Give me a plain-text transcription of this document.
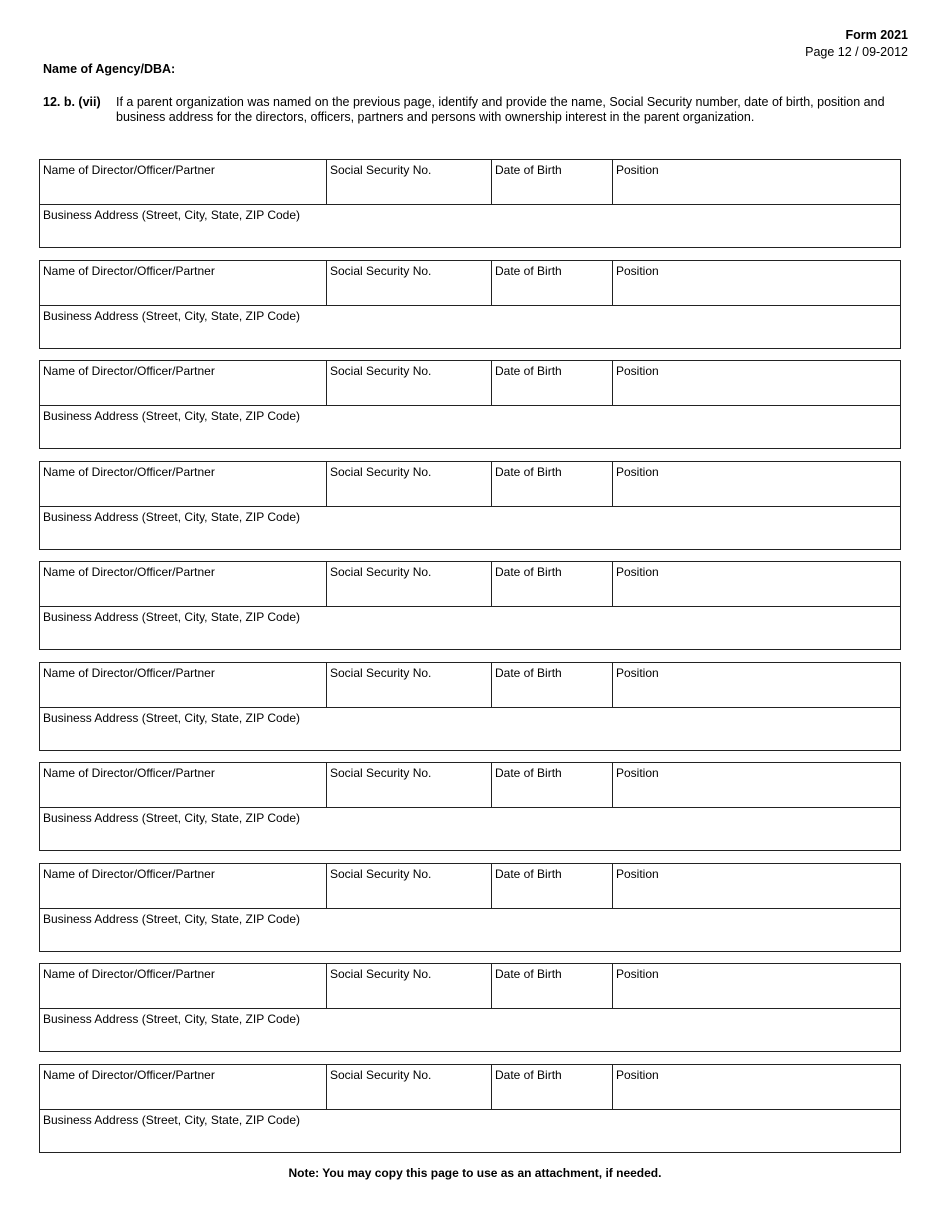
Form 2021
Page 12 / 09-2012
Name of Agency/DBA:
12. b. (vii) If a parent organization was named on the previous page, identify and provide the name, Social Security number, date of birth, position and business address for the directors, officers, partners and persons with ownership interest in the parent organization.
Name of Director/Officer/Partner	Social Security No.	Date of Birth	Position
Business Address (Street, City, State, ZIP Code)
Name of Director/Officer/Partner	Social Security No.	Date of Birth	Position
Business Address (Street, City, State, ZIP Code)
Name of Director/Officer/Partner	Social Security No.	Date of Birth	Position
Business Address (Street, City, State, ZIP Code)
Name of Director/Officer/Partner	Social Security No.	Date of Birth	Position
Business Address (Street, City, State, ZIP Code)
Name of Director/Officer/Partner	Social Security No.	Date of Birth	Position
Business Address (Street, City, State, ZIP Code)
Name of Director/Officer/Partner	Social Security No.	Date of Birth	Position
Business Address (Street, City, State, ZIP Code)
Name of Director/Officer/Partner	Social Security No.	Date of Birth	Position
Business Address (Street, City, State, ZIP Code)
Name of Director/Officer/Partner	Social Security No.	Date of Birth	Position
Business Address (Street, City, State, ZIP Code)
Name of Director/Officer/Partner	Social Security No.	Date of Birth	Position
Business Address (Street, City, State, ZIP Code)
Name of Director/Officer/Partner	Social Security No.	Date of Birth	Position
Business Address (Street, City, State, ZIP Code)
Note: You may copy this page to use as an attachment, if needed.
